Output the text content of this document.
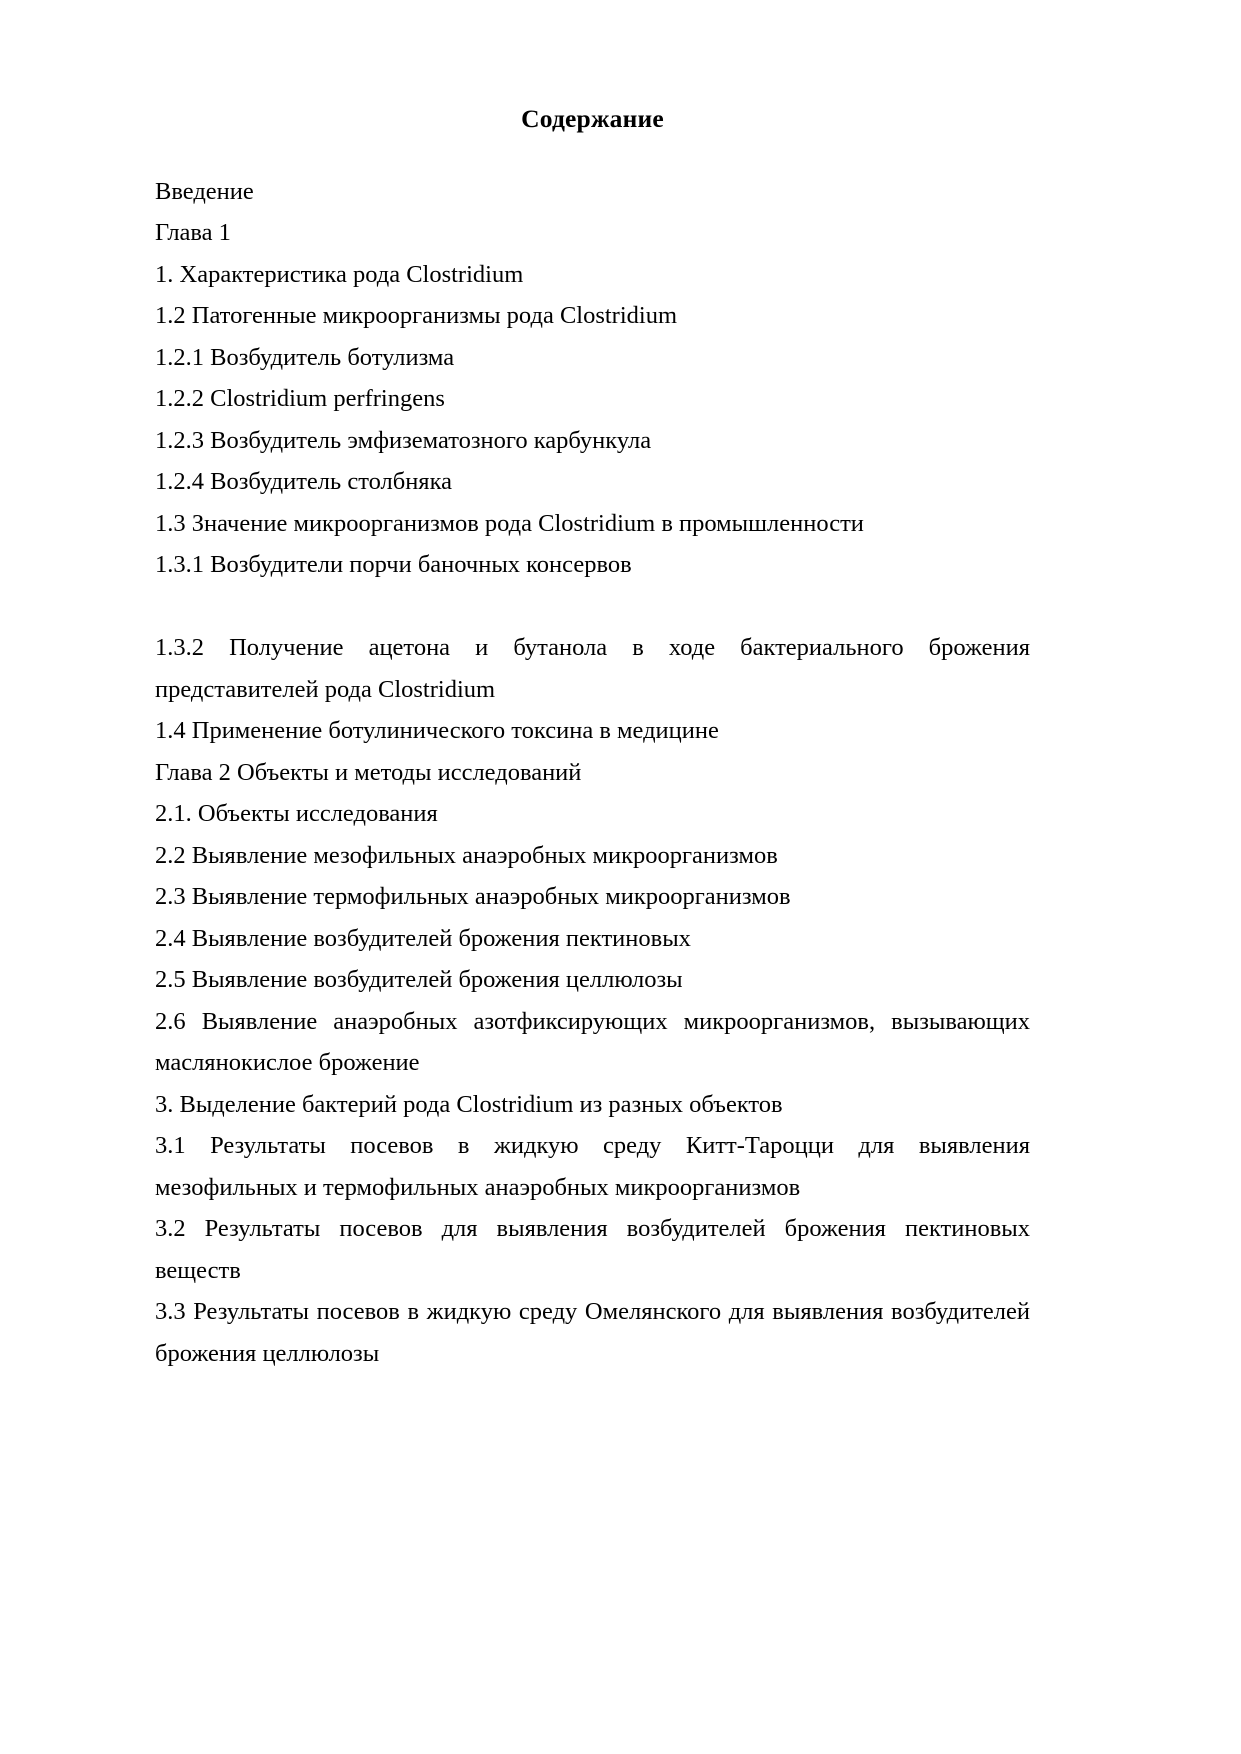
Содержание

Введение

Глава 1

1. Характеристика рода Clostridium

1.2 Патогенные микроорганизмы рода Clostridium

1.2.1 Возбудитель ботулизма

1.2.2 Clostridium perfringens

1.2.3 Возбудитель эмфизематозного карбункула

1.2.4 Возбудитель столбняка

1.3 Значение микроорганизмов рода Clostridium в промышленности

1.3.1 Возбудители порчи баночных консервов

1.3.2 Получение ацетона и бутанола в ходе бактериального брожения представителей рода Clostridium

1.4 Применение ботулинического токсина в медицине

Глава 2 Объекты и методы исследований

2.1. Объекты исследования

2.2 Выявление мезофильных анаэробных микроорганизмов

2.3 Выявление термофильных анаэробных микроорганизмов

2.4 Выявление возбудителей брожения пектиновых

2.5 Выявление возбудителей брожения целлюлозы

2.6 Выявление анаэробных азотфиксирующих микроорганизмов, вызывающих маслянокислое брожение

3. Выделение бактерий рода Clostridium из разных объектов

3.1 Результаты посевов в жидкую среду Китт-Тароцци для выявления мезофильных и термофильных анаэробных микроорганизмов

3.2 Результаты посевов для выявления возбудителей брожения пектиновых веществ

3.3 Результаты посевов в жидкую среду Омелянского для выявления возбудителей брожения целлюлозы
